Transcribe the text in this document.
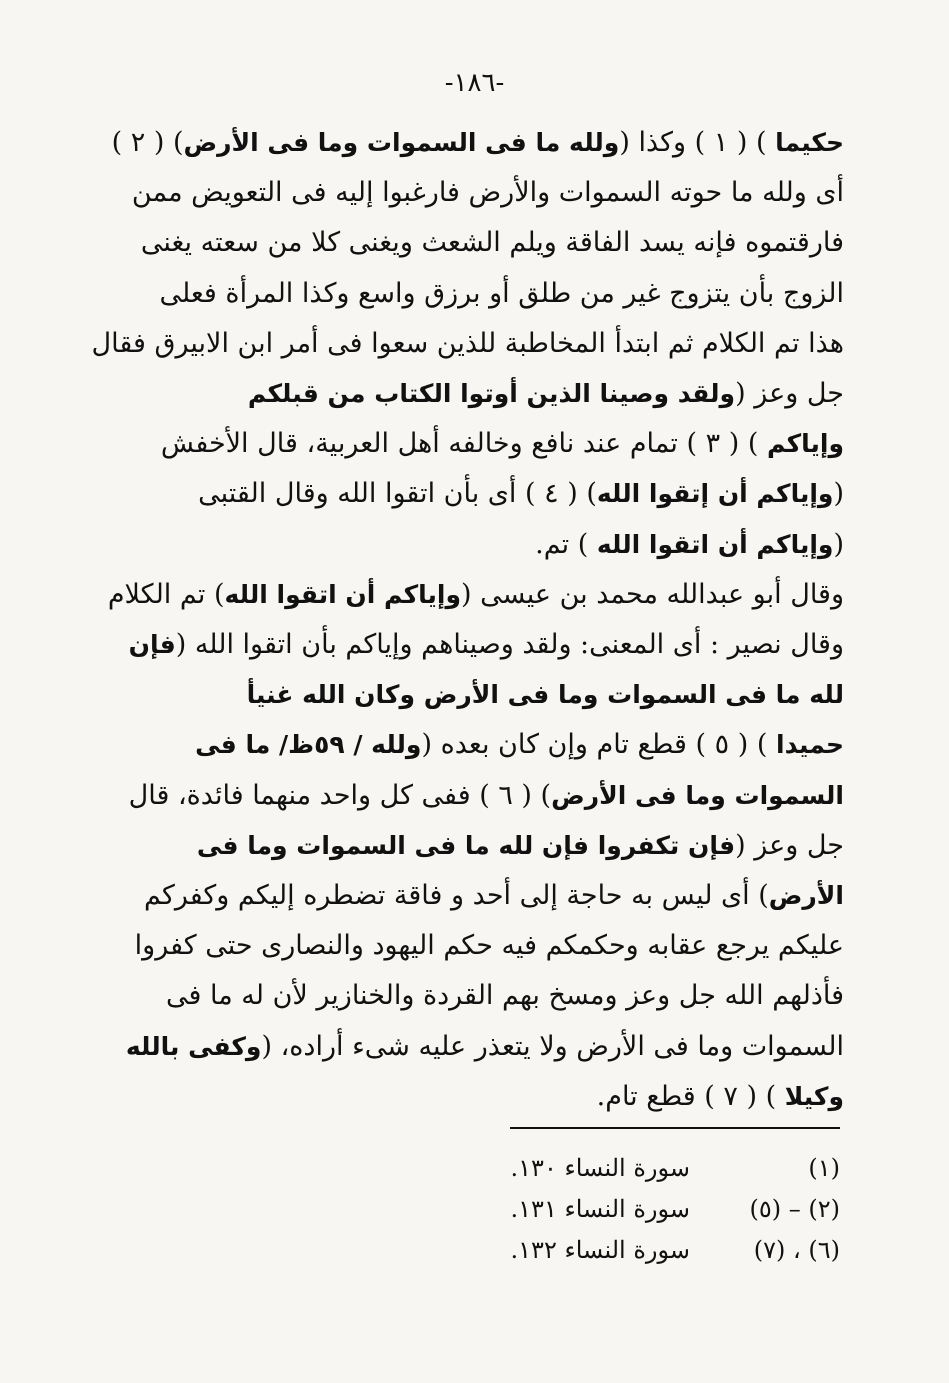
-١٨٦-
حكيما ) ( ١ ) وكذا (ولله ما فى السموات وما فى الأرض) ( ٢ )
أى ولله ما حوته السموات والأرض فارغبوا إليه فى التعويض ممن
فارقتموه فإنه يسد الفاقة ويلم الشعث ويغنى كلا من سعته يغنى
الزوج بأن يتزوج غير من طلق أو برزق واسع وكذا المرأة فعلى
هذا تم الكلام ثم ابتدأ المخاطبة للذين سعوا فى أمر ابن الابيرق فقال
جل وعز (ولقد وصينا الذين أوتوا الكتاب من قبلكم
وإياكم ) ( ٣ ) تمام عند نافع وخالفه أهل العربية، قال الأخفش
(وإياكم أن إتقوا الله) ( ٤ ) أى بأن اتقوا الله وقال القتبى
(وإياكم أن اتقوا الله ) تم.
وقال أبو عبدالله محمد بن عيسى (وإياكم أن اتقوا الله) تم الكلام
وقال نصير : أى المعنى: ولقد وصيناهم وإياكم بأن اتقوا الله (فإن
لله ما فى السموات وما فى الأرض وكان الله غنيأ
حميدا ) ( ٥ ) قطع تام وإن كان بعده (ولله / ٥٩ظ/ ما فى
السموات وما فى الأرض) ( ٦ ) ففى كل واحد منهما فائدة، قال
جل وعز (فإن تكفروا فإن لله ما فى السموات وما فى
الأرض) أى ليس به حاجة إلى أحد و فاقة تضطره إليكم وكفركم
عليكم يرجع عقابه وحكمكم فيه حكم اليهود والنصارى حتى كفروا
فأذلهم الله جل وعز ومسخ بهم القردة والخنازير لأن له ما فى
السموات وما فى الأرض ولا يتعذر عليه شىء أراده، (وكفى بالله
وكيلا ) ( ٧ ) قطع تام.
(١)
سورة النساء ١٣٠.
(٢) – (٥)
سورة النساء ١٣١.
(٦) ، (٧)
سورة النساء ١٣٢.
